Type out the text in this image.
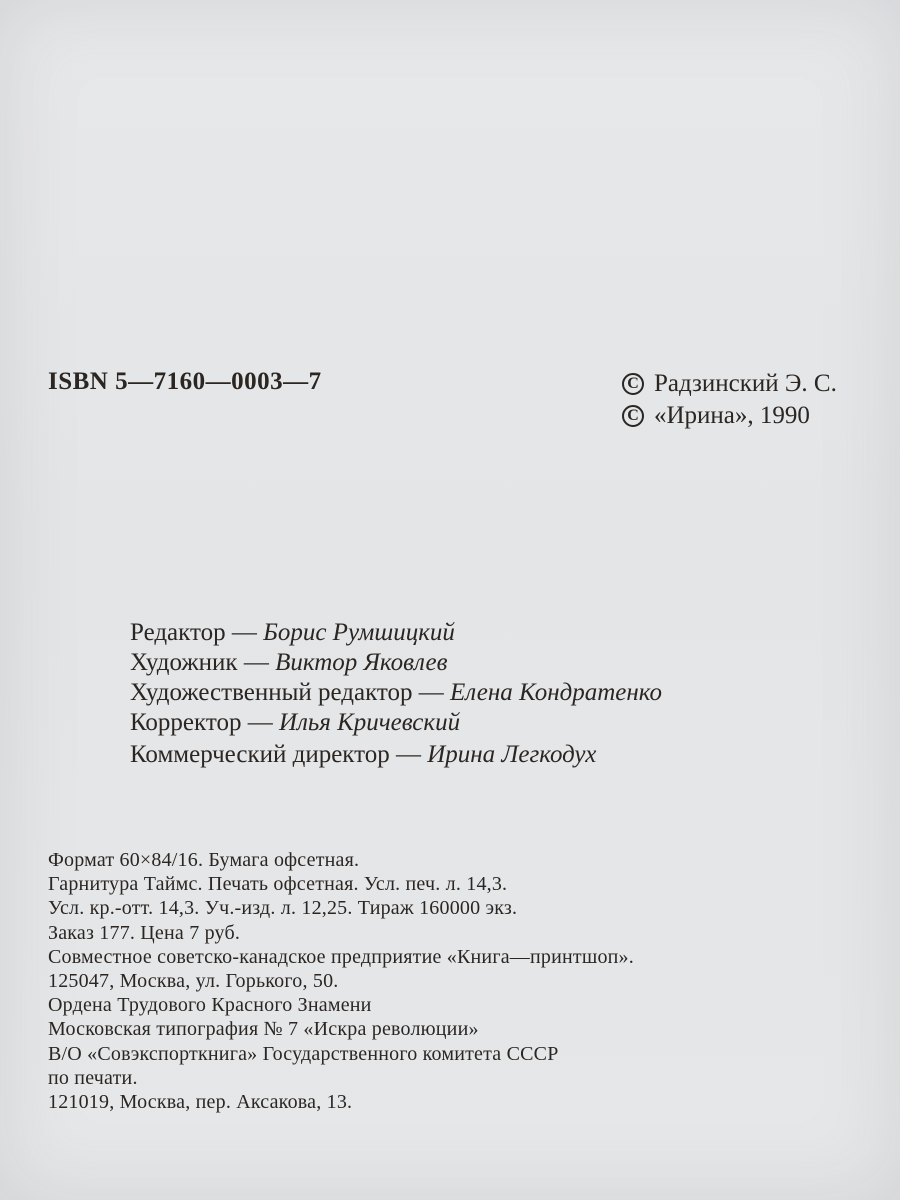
ISBN 5—7160—0003—7	C Радзинский Э. С.
C «Ирина», 1990
Редактор — Борис Румшицкий
Художник — Виктор Яковлев
Художественный редактор — Елена Кондратенко
Корректор — Илья Кричевский
Коммерческий директор — Ирина Легкодух
Формат 60×84/16. Бумага офсетная.
Гарнитура Таймс. Печать офсетная. Усл. печ. л. 14,3.
Усл. кр.-отт. 14,3. Уч.-изд. л. 12,25. Тираж 160000 экз.
Заказ 177. Цена 7 руб.
Совместное советско-канадское предприятие «Книга—принтшоп».
125047, Москва, ул. Горького, 50.
Ордена Трудового Красного Знамени
Московская типография № 7 «Искра революции»
В/О «Совэкспорткнига» Государственного комитета СССР
по печати.
121019, Москва, пер. Аксакова, 13.
